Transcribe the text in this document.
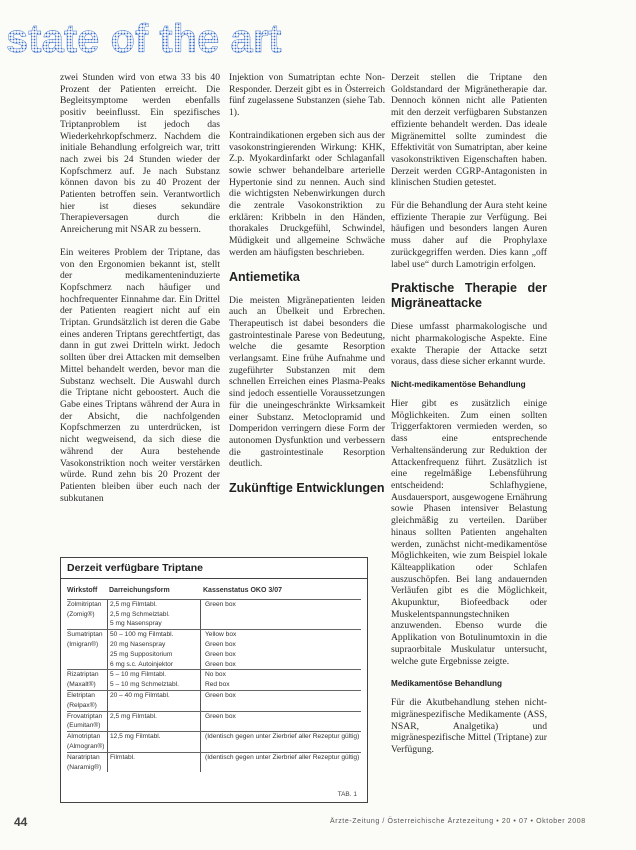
state of the art

zwei Stunden wird von etwa 33 bis 40 Prozent der Patienten erreicht. Die Begleitsymptome werden ebenfalls positiv beeinflusst. Ein spezifisches Triptanproblem ist jedoch das Wiederkehrkopfschmerz. Nachdem die initiale Behandlung erfolgreich war, tritt nach zwei bis 24 Stunden wieder der Kopfschmerz auf. Je nach Substanz können davon bis zu 40 Prozent der Patienten betroffen sein. Verantwortlich hier ist dieses sekundäre Therapieversagen durch die Anreicherung mit NSAR zu bessern.

Ein weiteres Problem der Triptane, das von den Ergonomien bekannt ist, stellt der medikamenteninduzierte Kopfschmerz nach häufiger und hochfrequenter Einnahme dar. Ein Drittel der Patienten reagiert nicht auf ein Triptan. Grundsätzlich ist deren die Gabe eines anderen Triptans gerechtfertigt, das dann in gut zwei Dritteln wirkt. Jedoch sollten über drei Attacken mit demselben Mittel behandelt werden, bevor man die Substanz wechselt. Die Auswahl durch die Triptane nicht geboostert. Auch die Gabe eines Triptans während der Aura in der Absicht, die nachfolgenden Kopfschmerzen zu unterdrücken, ist nicht wegweisend, da sich diese die während der Aura bestehende Vasokonstriktion noch weiter verstärken würde. Rund zehn bis 20 Prozent der Patienten bleiben über euch nach der subkutanen

Injektion von Sumatriptan echte Non-Responder. Derzeit gibt es in Österreich fünf zugelassene Substanzen (siehe Tab. 1).

Kontraindikationen ergeben sich aus der vasokonstringierenden Wirkung: KHK, Z.p. Myokardinfarkt oder Schlaganfall sowie schwer behandelbare arterielle Hypertonie sind zu nennen. Auch sind die wichtigsten Nebenwirkungen durch die zentrale Vasokonstriktion zu erklären: Kribbeln in den Händen, thorakales Druckgefühl, Schwindel, Müdigkeit und allgemeine Schwäche werden am häufigsten beschrieben.

Antiemetika

Die meisten Migränepatienten leiden auch an Übelkeit und Erbrechen. Therapeutisch ist dabei besonders die gastrointestinale Parese von Bedeutung, welche die gesamte Resorption verlangsamt. Eine frühe Aufnahme und zugeführter Substanzen mit dem schnellen Erreichen eines Plasma-Peaks sind jedoch essentielle Voraussetzungen für die uneingeschränkte Wirksamkeit einer Substanz. Metoclopramid und Domperidon verringern diese Form der autonomen Dysfunktion und verbessern die gastrointestinale Resorption deutlich.

Zukünftige Entwicklungen

Derzeit stellen die Triptane den Goldstandard der Migränetherapie dar. Dennoch können nicht alle Patienten mit den derzeit verfügbaren Substanzen effiziente behandelt werden. Das ideale Migränemittel sollte zumindest die Effektivität von Sumatriptan, aber keine vasokonstriktiven Eigenschaften haben. Derzeit werden CGRP-Antagonisten in klinischen Studien getestet.

Für die Behandlung der Aura steht keine effiziente Therapie zur Verfügung. Bei häufigen und besonders langen Auren muss daher auf die Prophylaxe zurückgegriffen werden. Dies kann „off label use“ durch Lamotrigin erfolgen.

Praktische Therapie der Migräneattacke

Diese umfasst pharmakologische und nicht pharmakologische Aspekte. Eine exakte Therapie der Attacke setzt voraus, dass diese sicher erkannt wurde.

Nicht-medikamentöse Behandlung

Hier gibt es zusätzlich einige Möglichkeiten. Zum einen sollten Triggerfaktoren vermieden werden, so dass eine entsprechende Verhaltensänderung zur Reduktion der Attackenfrequenz führt. Zusätzlich ist eine regelmäßige Lebensführung entscheidend: Schlafhygiene, Ausdauersport, ausgewogene Ernährung sowie Phasen intensiver Belastung gleichmäßig zu verteilen. Darüber hinaus sollten Patienten angehalten werden, zunächst nicht-medikamentöse Möglichkeiten, wie zum Beispiel lokale Kälteapplikation oder Schlafen auszuschöpfen. Bei lang andauernden Verläufen gibt es die Möglichkeit, Akupunktur, Biofeedback oder Muskelentspannungstechniken anzuwenden. Ebenso wurde die Applikation von Botulinumtoxin in die supraorbitale Muskulatur untersucht, welche gute Ergebnisse zeigte.

Medikamentöse Behandlung

Für die Akutbehandlung stehen nicht-migränespezifische Medikamente (ASS, NSAR, Analgetika) und migränespezifische Mittel (Triptane) zur Verfügung.

Derzeit verfügbare Triptane
Wirkstoff	Darreichungsform	Kassenstatus OKO 3/07
Zolmitriptan	2,5 mg Filmtabl.	Green box
(Zomig®)	2,5 mg Schmelztabl.
5 mg Nasenspray
Sumatriptan	50 – 100 mg Filmtabl.	Yellow box
(Imigran®)	20 mg Nasenspray	Green box
25 mg Suppositorium	Green box
6 mg s.c. Autoinjektor	Green box
Rizatriptan	5 – 10 mg Filmtabl.	No box
(Maxalt®)	5 – 10 mg Schmelztabl.	Red box
Eletriptan	20 – 40 mg Filmtabl.	Green box
(Relpax®)
Frovatriptan	2,5 mg Filmtabl.	Green box
(Eumitan®)
Almotriptan	12,5 mg Filmtabl.	(Identisch gegen unter Zierbrief aller Rezeptur gültig)
(Almogran®)
Naratriptan	Filmtabl.	(Identisch gegen unter Zierbrief aller Rezeptur gültig)
(Naramig®)
TAB. 1
44	Ärzte-Zeitung / Österreichische Ärztezeitung • 20 • 07 • Oktober 2008
